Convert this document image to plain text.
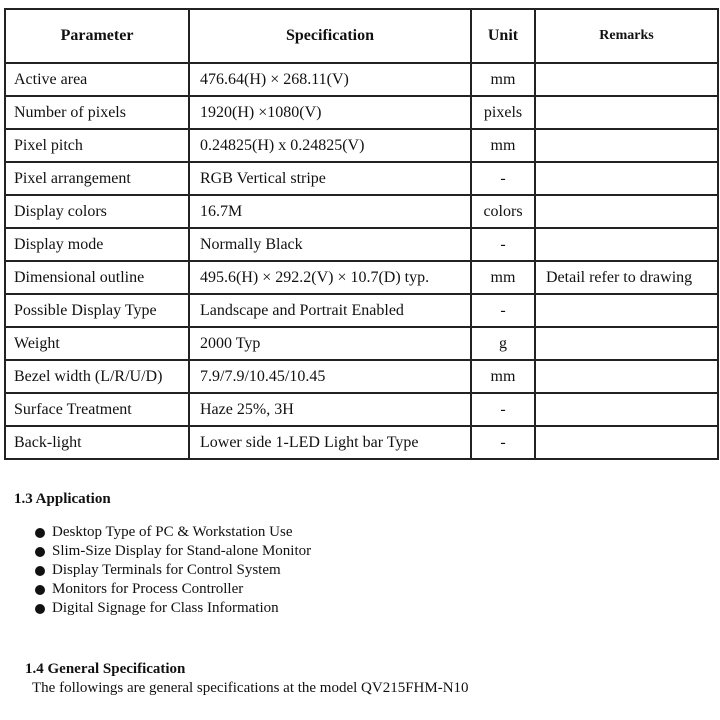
Parameter	Specification	Unit	Remarks
Active area	476.64(H) × 268.11(V)	mm	
Number of pixels	1920(H) ×1080(V)	pixels	
Pixel pitch	0.24825(H) x 0.24825(V)	mm	
Pixel arrangement	RGB Vertical stripe	-	
Display colors	16.7M	colors	
Display mode	Normally Black	-	
Dimensional outline	495.6(H) × 292.2(V) × 10.7(D) typ.	mm	Detail refer to drawing
Possible Display Type	Landscape and Portrait Enabled	-	
Weight	2000 Typ	g	
Bezel width (L/R/U/D)	7.9/7.9/10.45/10.45	mm	
Surface Treatment	Haze 25%, 3H	-	
Back-light	Lower side 1-LED Light bar Type	-	
1.3 Application
Desktop Type of PC & Workstation Use
Slim-Size Display for Stand-alone Monitor
Display Terminals for Control System
Monitors for Process Controller
Digital Signage for Class Information
1.4 General Specification
The followings are general specifications at the model QV215FHM-N10
